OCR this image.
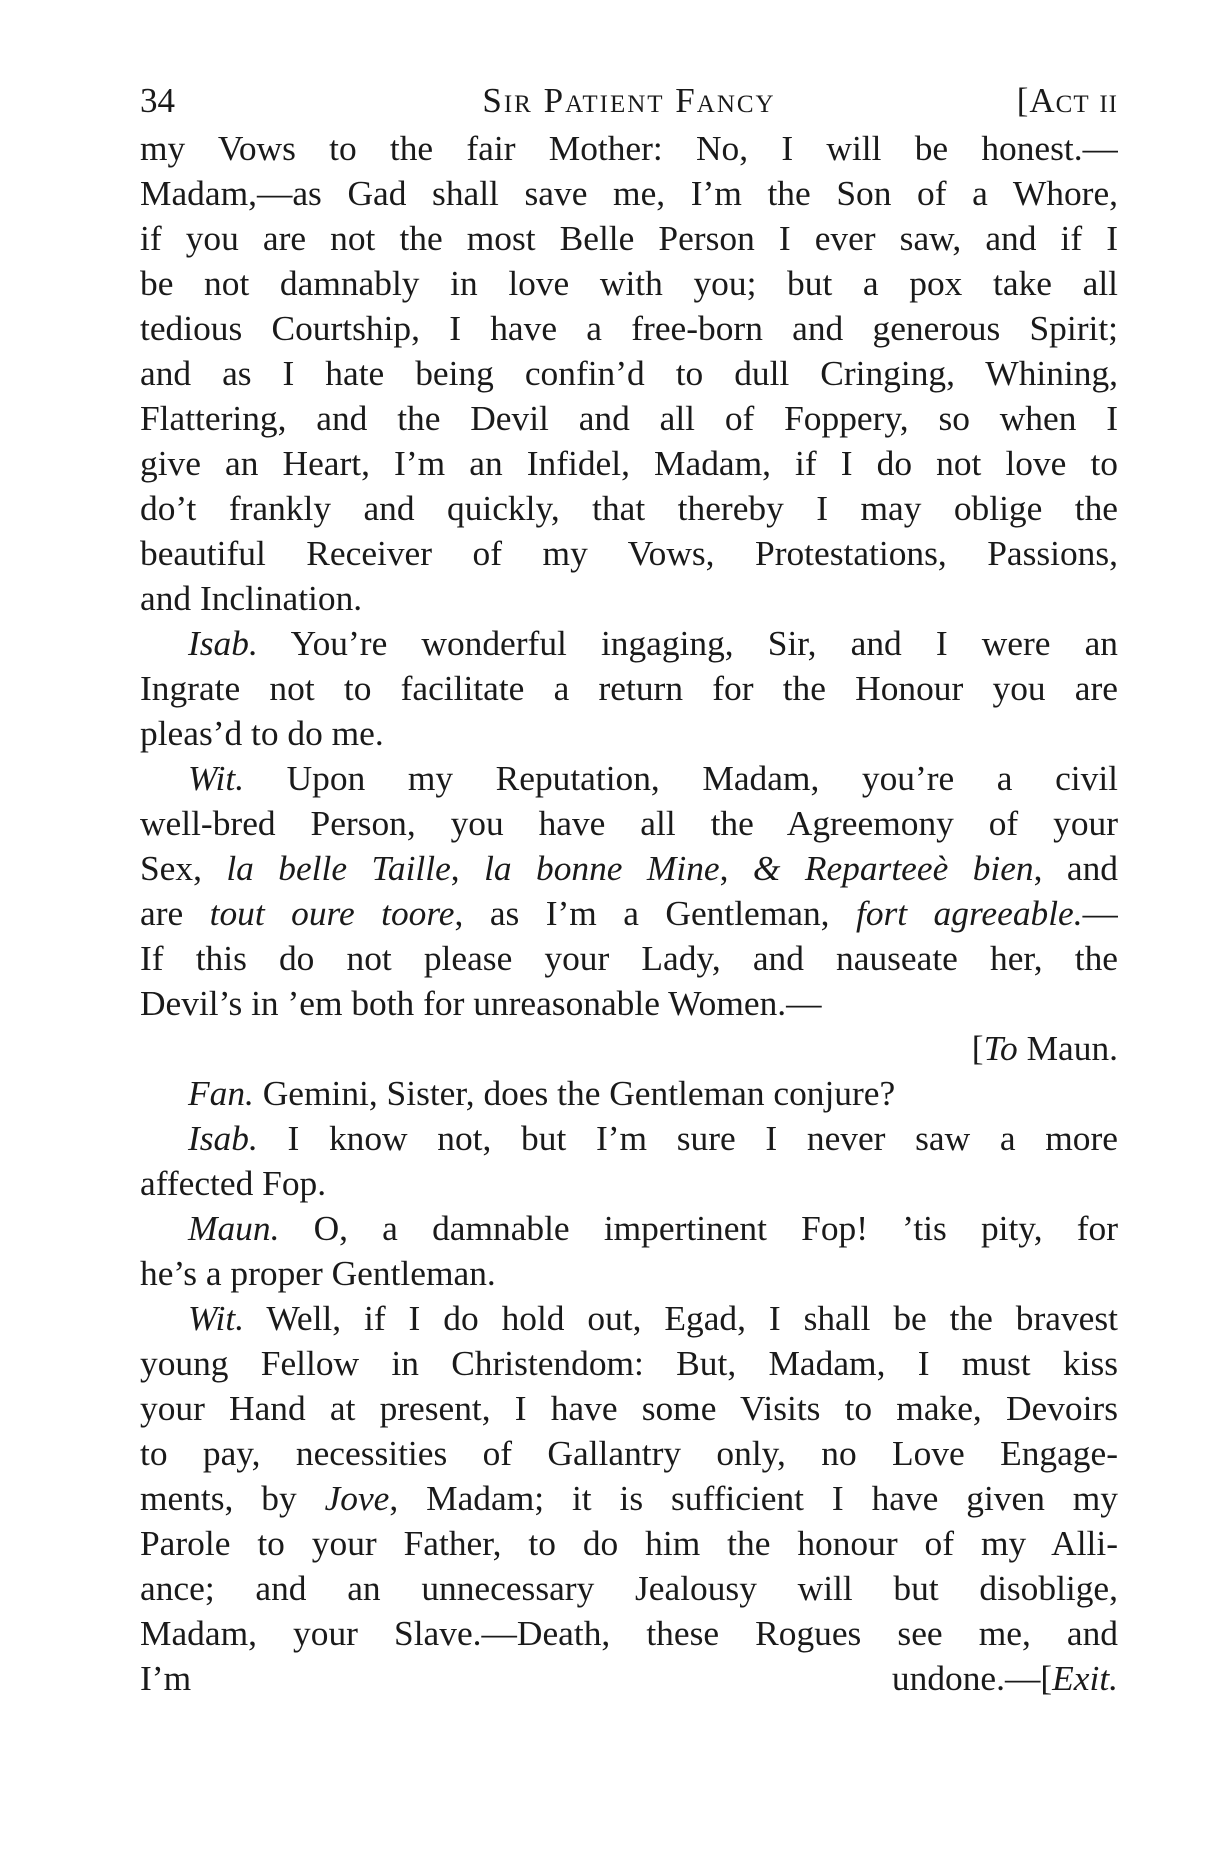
34	Sir Patient Fancy	[Act ii
my Vows to the fair Mother: No, I will be honest.—
Madam,—as Gad shall save me, I’m the Son of a Whore,
if you are not the most Belle Person I ever saw, and if I
be not damnably in love with you; but a pox take all
tedious Courtship, I have a free-born and generous Spirit;
and as I hate being confin’d to dull Cringing, Whining,
Flattering, and the Devil and all of Foppery, so when I
give an Heart, I’m an Infidel, Madam, if I do not love to
do’t frankly and quickly, that thereby I may oblige the
beautiful Receiver of my Vows, Protestations, Passions,
and Inclination.
Isab. You’re wonderful ingaging, Sir, and I were an
Ingrate not to facilitate a return for the Honour you are
pleas’d to do me.
Wit. Upon my Reputation, Madam, you’re a civil
well-bred Person, you have all the Agreemony of your
Sex, la belle Taille, la bonne Mine, & Reparteeè bien, and
are tout oure toore, as I’m a Gentleman, fort agreeable.—
If this do not please your Lady, and nauseate her, the
Devil’s in ’em both for unreasonable Women.—
[To Maun.
Fan. Gemini, Sister, does the Gentleman conjure?
Isab. I know not, but I’m sure I never saw a more
affected Fop.
Maun. O, a damnable impertinent Fop! ’tis pity, for
he’s a proper Gentleman.
Wit. Well, if I do hold out, Egad, I shall be the bravest
young Fellow in Christendom: But, Madam, I must kiss
your Hand at present, I have some Visits to make, Devoirs
to pay, necessities of Gallantry only, no Love Engage-
ments, by Jove, Madam; it is sufficient I have given my
Parole to your Father, to do him the honour of my Alli-
ance; and an unnecessary Jealousy will but disoblige,
Madam, your Slave.—Death, these Rogues see me, and
I’m undone.—[Exit.
